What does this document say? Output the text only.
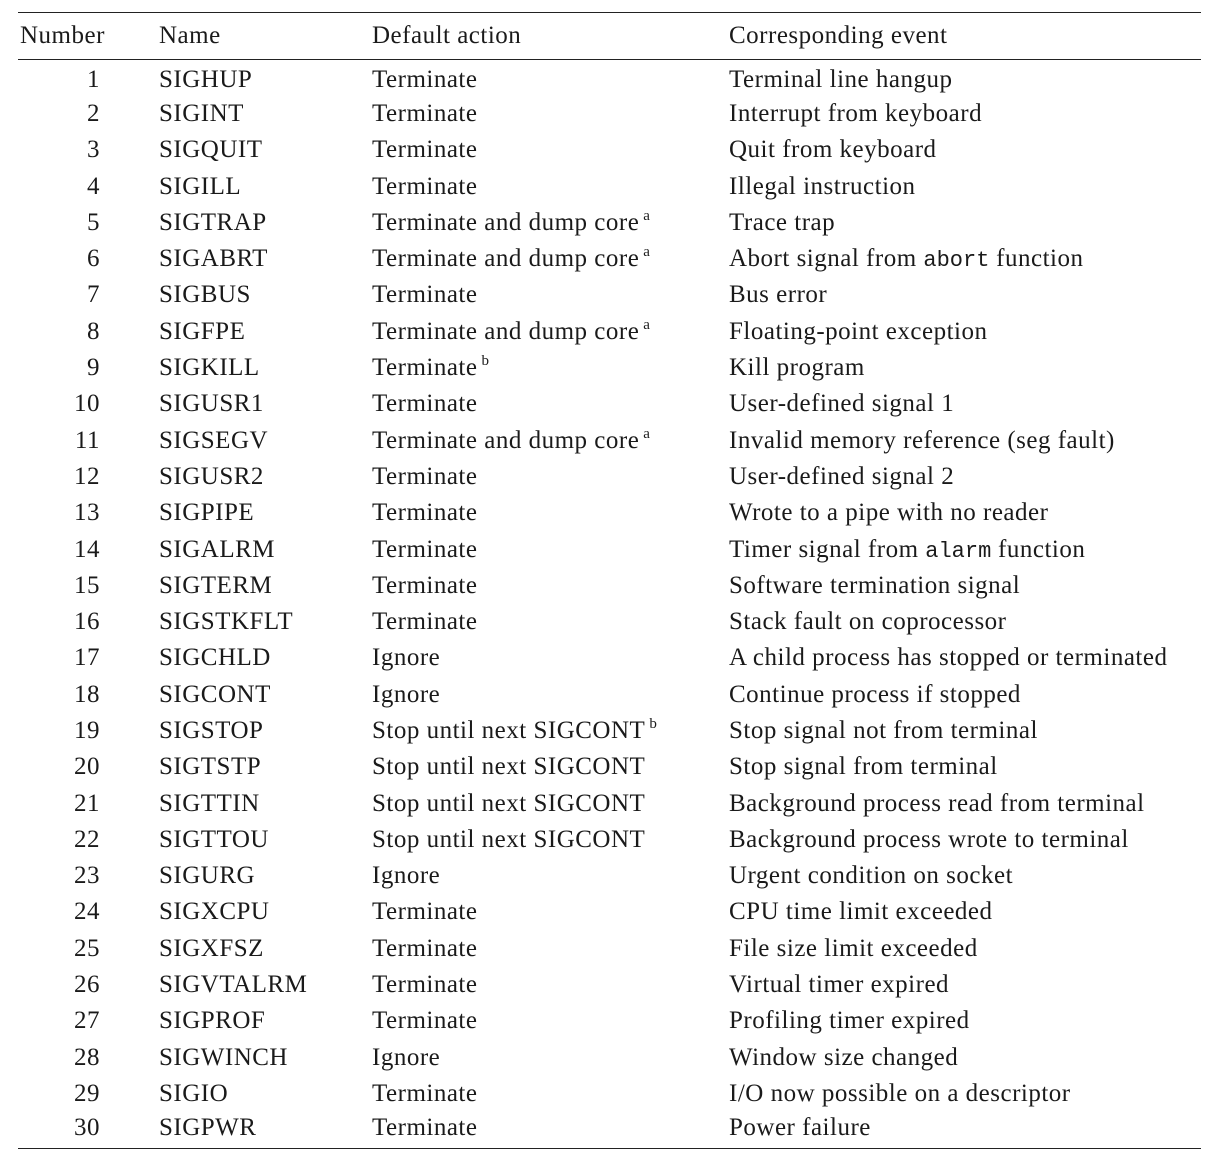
Number	Name	Default action	Corresponding event
1	SIGHUP	Terminate	Terminal line hangup
2	SIGINT	Terminate	Interrupt from keyboard
3	SIGQUIT	Terminate	Quit from keyboard
4	SIGILL	Terminate	Illegal instruction
5	SIGTRAP	Terminate and dump core $^a$	Trace trap
6	SIGABRT	Terminate and dump core $^a$	Abort signal from abort function
7	SIGBUS	Terminate	Bus error
8	SIGFPE	Terminate and dump core $^a$	Floating-point exception
9	SIGKILL	Terminate $^b$	Kill program
10	SIGUSR1	Terminate	User-defined signal 1
11	SIGSEGV	Terminate and dump core $^a$	Invalid memory reference (seg fault)
12	SIGUSR2	Terminate	User-defined signal 2
13	SIGPIPE	Terminate	Wrote to a pipe with no reader
14	SIGALRM	Terminate	Timer signal from alarm function
15	SIGTERM	Terminate	Software termination signal
16	SIGSTKFLT	Terminate	Stack fault on coprocessor
17	SIGCHLD	Ignore	A child process has stopped or terminated
18	SIGCONT	Ignore	Continue process if stopped
19	SIGSTOP	Stop until next SIGCONT $^b$	Stop signal not from terminal
20	SIGTSTP	Stop until next SIGCONT	Stop signal from terminal
21	SIGTTIN	Stop until next SIGCONT	Background process read from terminal
22	SIGTTOU	Stop until next SIGCONT	Background process wrote to terminal
23	SIGURG	Ignore	Urgent condition on socket
24	SIGXCPU	Terminate	CPU time limit exceeded
25	SIGXFSZ	Terminate	File size limit exceeded
26	SIGVTALRM	Terminate	Virtual timer expired
27	SIGPROF	Terminate	Profiling timer expired
28	SIGWINCH	Ignore	Window size changed
29	SIGIO	Terminate	I/O now possible on a descriptor
30	SIGPWR	Terminate	Power failure
